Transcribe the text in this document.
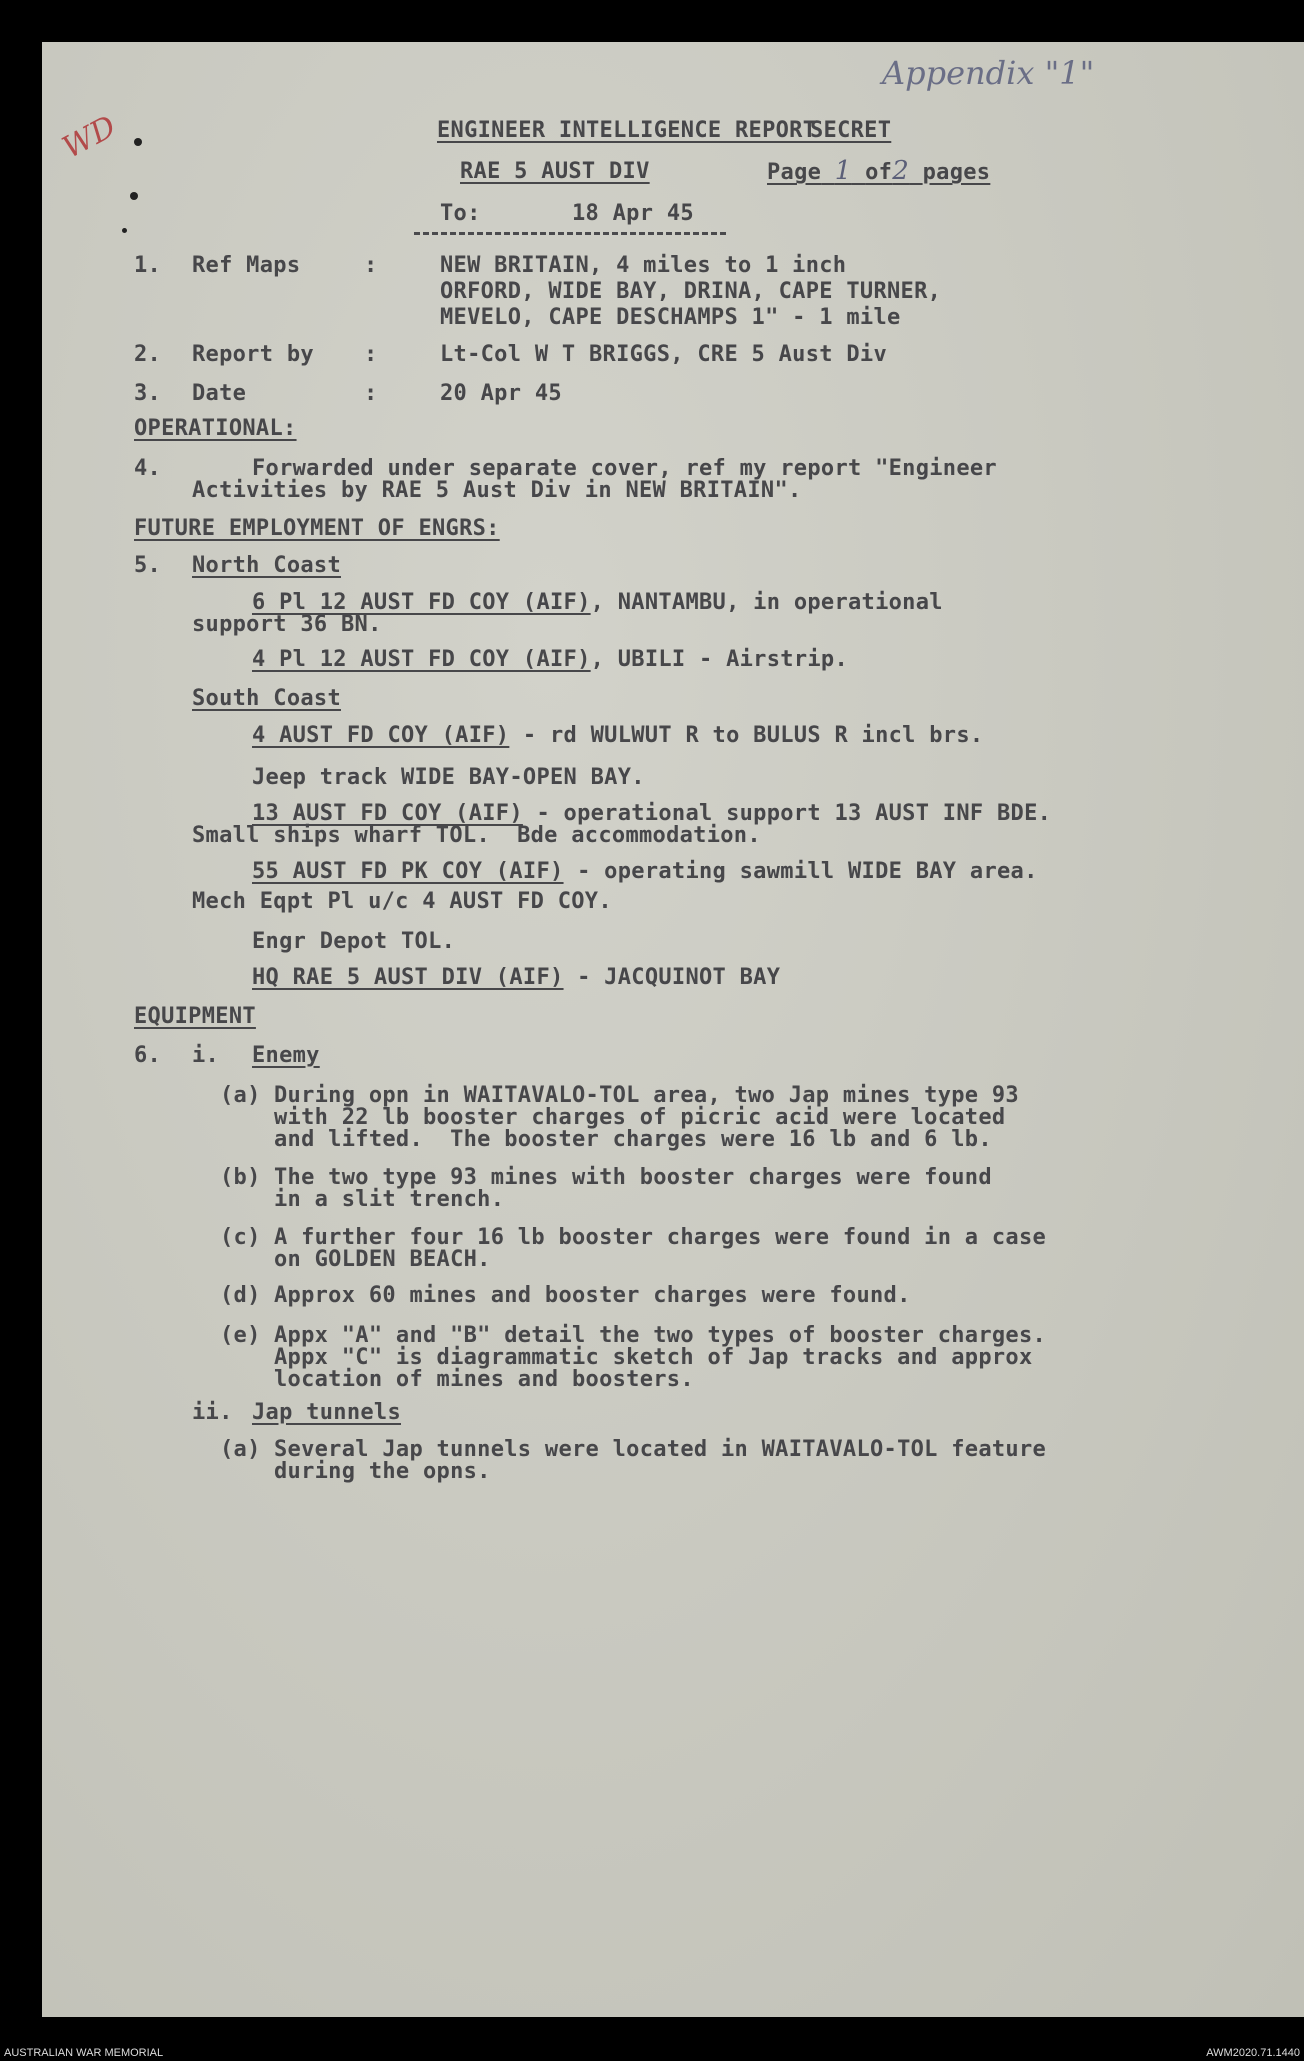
Appendix "1"
WD	ENGINEER INTELLIGENCE REPORT
SECRET
RAE 5 AUST DIV	Page 1 of2 pages
To:	18 Apr 45
1. Ref Maps	:	NEW BRITAIN, 4 miles to 1 inch
ORFORD, WIDE BAY, DRINA, CAPE TURNER,
MEVELO, CAPE DESCHAMPS 1" - 1 mile
2. Report by :	Lt-Col W T BRIGGS, CRE 5 Aust Div
3. Date	:	20 Apr 45
OPERATIONAL:
4.	Forwarded under separate cover, ref my report "Engineer
Activities by RAE 5 Aust Div in NEW BRITAIN".
FUTURE EMPLOYMENT OF ENGRS:
5. North Coast
6 Pl 12 AUST FD COY (AIF), NANTAMBU, in operational
support 36 BN.
4 Pl 12 AUST FD COY (AIF), UBILI - Airstrip.
South Coast
4 AUST FD COY (AIF) - rd WULWUT R to BULUS R incl brs.
Jeep track WIDE BAY-OPEN BAY.
13 AUST FD COY (AIF) - operational support 13 AUST INF BDE.
Small ships wharf TOL.  Bde accommodation.
55 AUST FD PK COY (AIF) - operating sawmill WIDE BAY area.
Mech Eqpt Pl u/c 4 AUST FD COY.
Engr Depot TOL.
HQ RAE 5 AUST DIV (AIF) - JACQUINOT BAY
EQUIPMENT
6. i. Enemy
(a) During opn in WAITAVALO-TOL area, two Jap mines type 93
with 22 lb booster charges of picric acid were located
and lifted.  The booster charges were 16 lb and 6 lb.
(b) The two type 93 mines with booster charges were found
in a slit trench.
(c) A further four 16 lb booster charges were found in a case
on GOLDEN BEACH.
(d) Approx 60 mines and booster charges were found.
(e) Appx "A" and "B" detail the two types of booster charges.
Appx "C" is diagrammatic sketch of Jap tracks and approx
location of mines and boosters.
ii. Jap tunnels
(a) Several Jap tunnels were located in WAITAVALO-TOL feature
during the opns.
AUSTRALIAN WAR MEMORIAL	AWM2020.71.1440
